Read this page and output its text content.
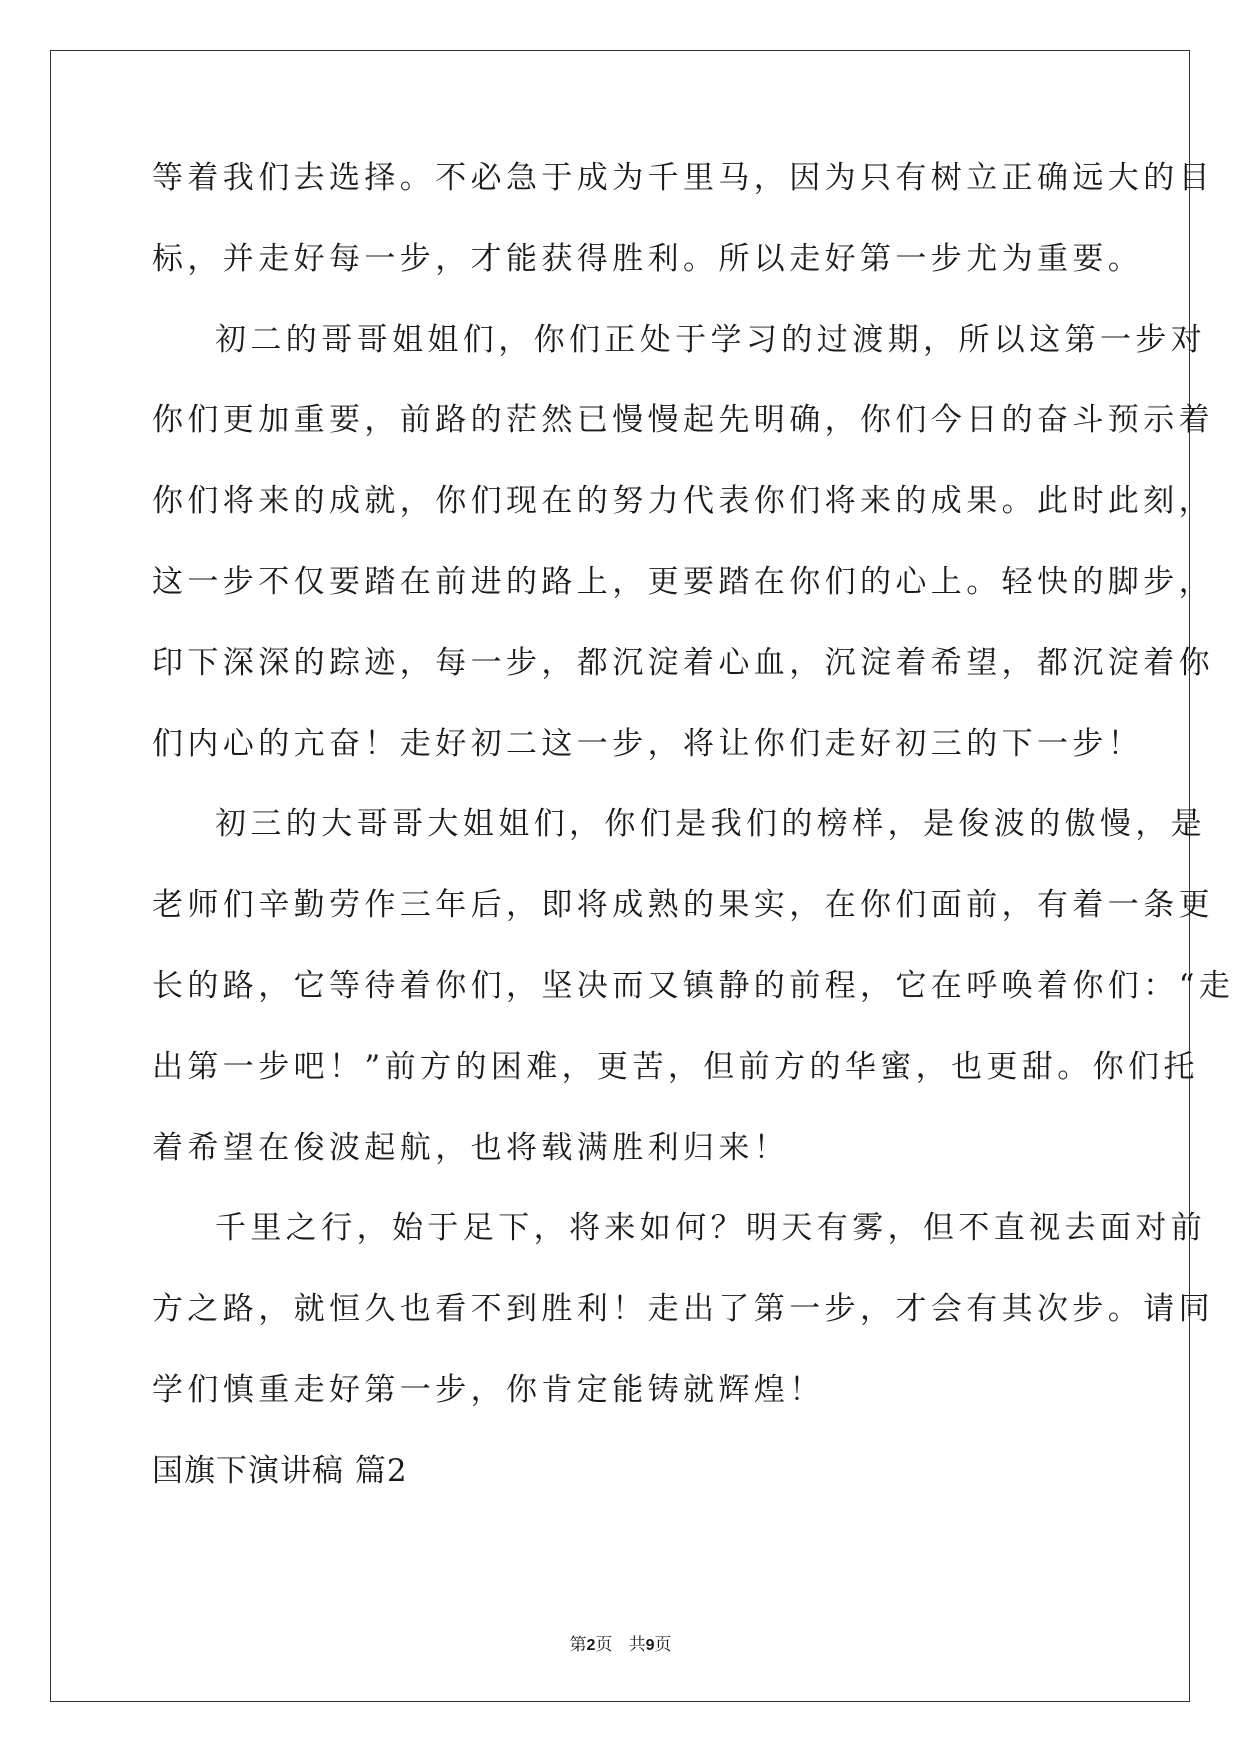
等着我们去选择。不必急于成为千里马，因为只有树立正确远大的目
标，并走好每一步，才能获得胜利。所以走好第一步尤为重要。
初二的哥哥姐姐们，你们正处于学习的过渡期，所以这第一步对
你们更加重要，前路的茫然已慢慢起先明确，你们今日的奋斗预示着
你们将来的成就，你们现在的努力代表你们将来的成果。此时此刻，
这一步不仅要踏在前进的路上，更要踏在你们的心上。轻快的脚步，
印下深深的踪迹，每一步，都沉淀着心血，沉淀着希望，都沉淀着你
们内心的亢奋！走好初二这一步，将让你们走好初三的下一步！
初三的大哥哥大姐姐们，你们是我们的榜样，是俊波的傲慢，是
老师们辛勤劳作三年后，即将成熟的果实，在你们面前，有着一条更
长的路，它等待着你们，坚决而又镇静的前程，它在呼唤着你们：“走
出第一步吧！”前方的困难，更苦，但前方的华蜜，也更甜。你们托
着希望在俊波起航，也将载满胜利归来！
千里之行，始于足下，将来如何？明天有雾，但不直视去面对前
方之路，就恒久也看不到胜利！走出了第一步，才会有其次步。请同
学们慎重走好第一步，你肯定能铸就辉煌！
国旗下演讲稿 篇2
第2页 共9页
